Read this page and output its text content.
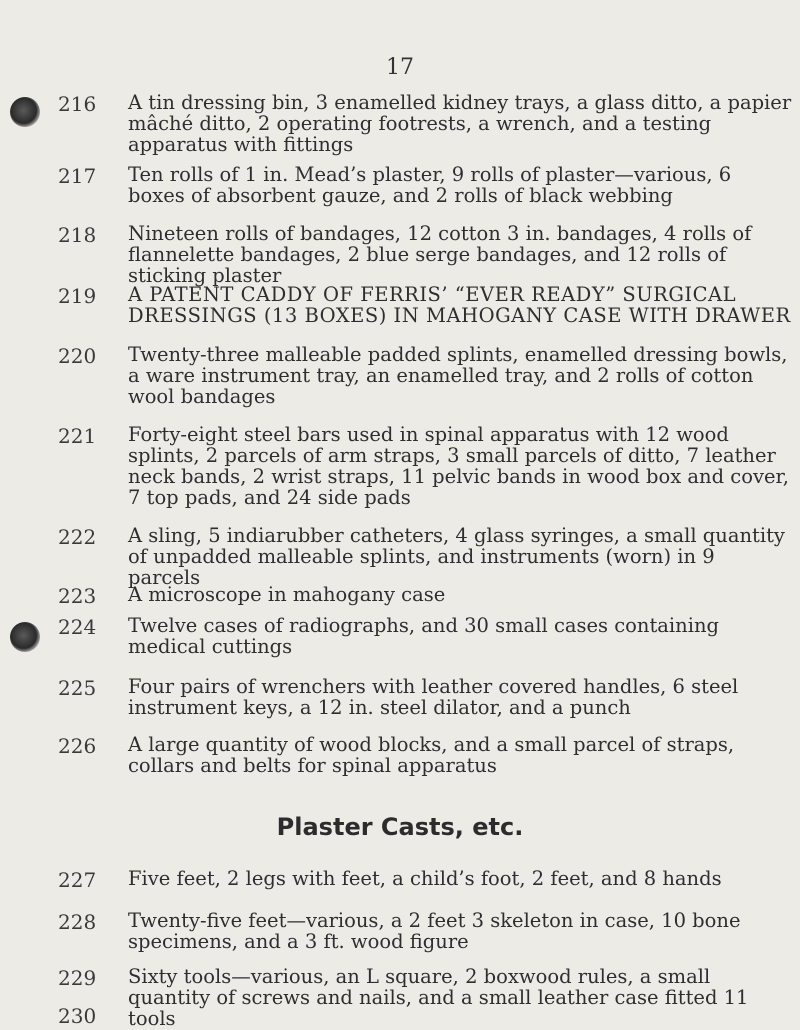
17
216	A tin dressing bin, 3 enamelled kidney trays, a glass ditto, a papier mâché ditto, 2 operating footrests, a wrench, and a testing apparatus with fittings
217	Ten rolls of 1 in. Mead’s plaster, 9 rolls of plaster—various, 6 boxes of absorbent gauze, and 2 rolls of black webbing
218	Nineteen rolls of bandages, 12 cotton 3 in. bandages, 4 rolls of flannelette bandages, 2 blue serge bandages, and 12 rolls of sticking plaster
219	A PATENT CADDY OF FERRIS’ “EVER READY” SURGICAL DRESSINGS (13 BOXES) IN MAHOGANY CASE WITH DRAWER
220	Twenty-three malleable padded splints, enamelled dressing bowls, a ware instrument tray, an enamelled tray, and 2 rolls of cotton wool bandages
221	Forty-eight steel bars used in spinal apparatus with 12 wood splints, 2 parcels of arm straps, 3 small parcels of ditto, 7 leather neck bands, 2 wrist straps, 11 pelvic bands in wood box and cover, 7 top pads, and 24 side pads
222	A sling, 5 indiarubber catheters, 4 glass syringes, a small quantity of unpadded malleable splints, and instruments (worn) in 9 parcels
223	A microscope in mahogany case
224	Twelve cases of radiographs, and 30 small cases containing medical cuttings
225	Four pairs of wrenchers with leather covered handles, 6 steel instrument keys, a 12 in. steel dilator, and a punch
226	A large quantity of wood blocks, and a small parcel of straps, collars and belts for spinal apparatus
Plaster Casts, etc.
227	Five feet, 2 legs with feet, a child’s foot, 2 feet, and 8 hands
228	Twenty-five feet—various, a 2 feet 3 skeleton in case, 10 bone specimens, and a 3 ft. wood figure
229	Sixty tools—various, an L square, 2 boxwood rules, a small quantity of screws and nails, and a small leather case fitted 11 tools
230
